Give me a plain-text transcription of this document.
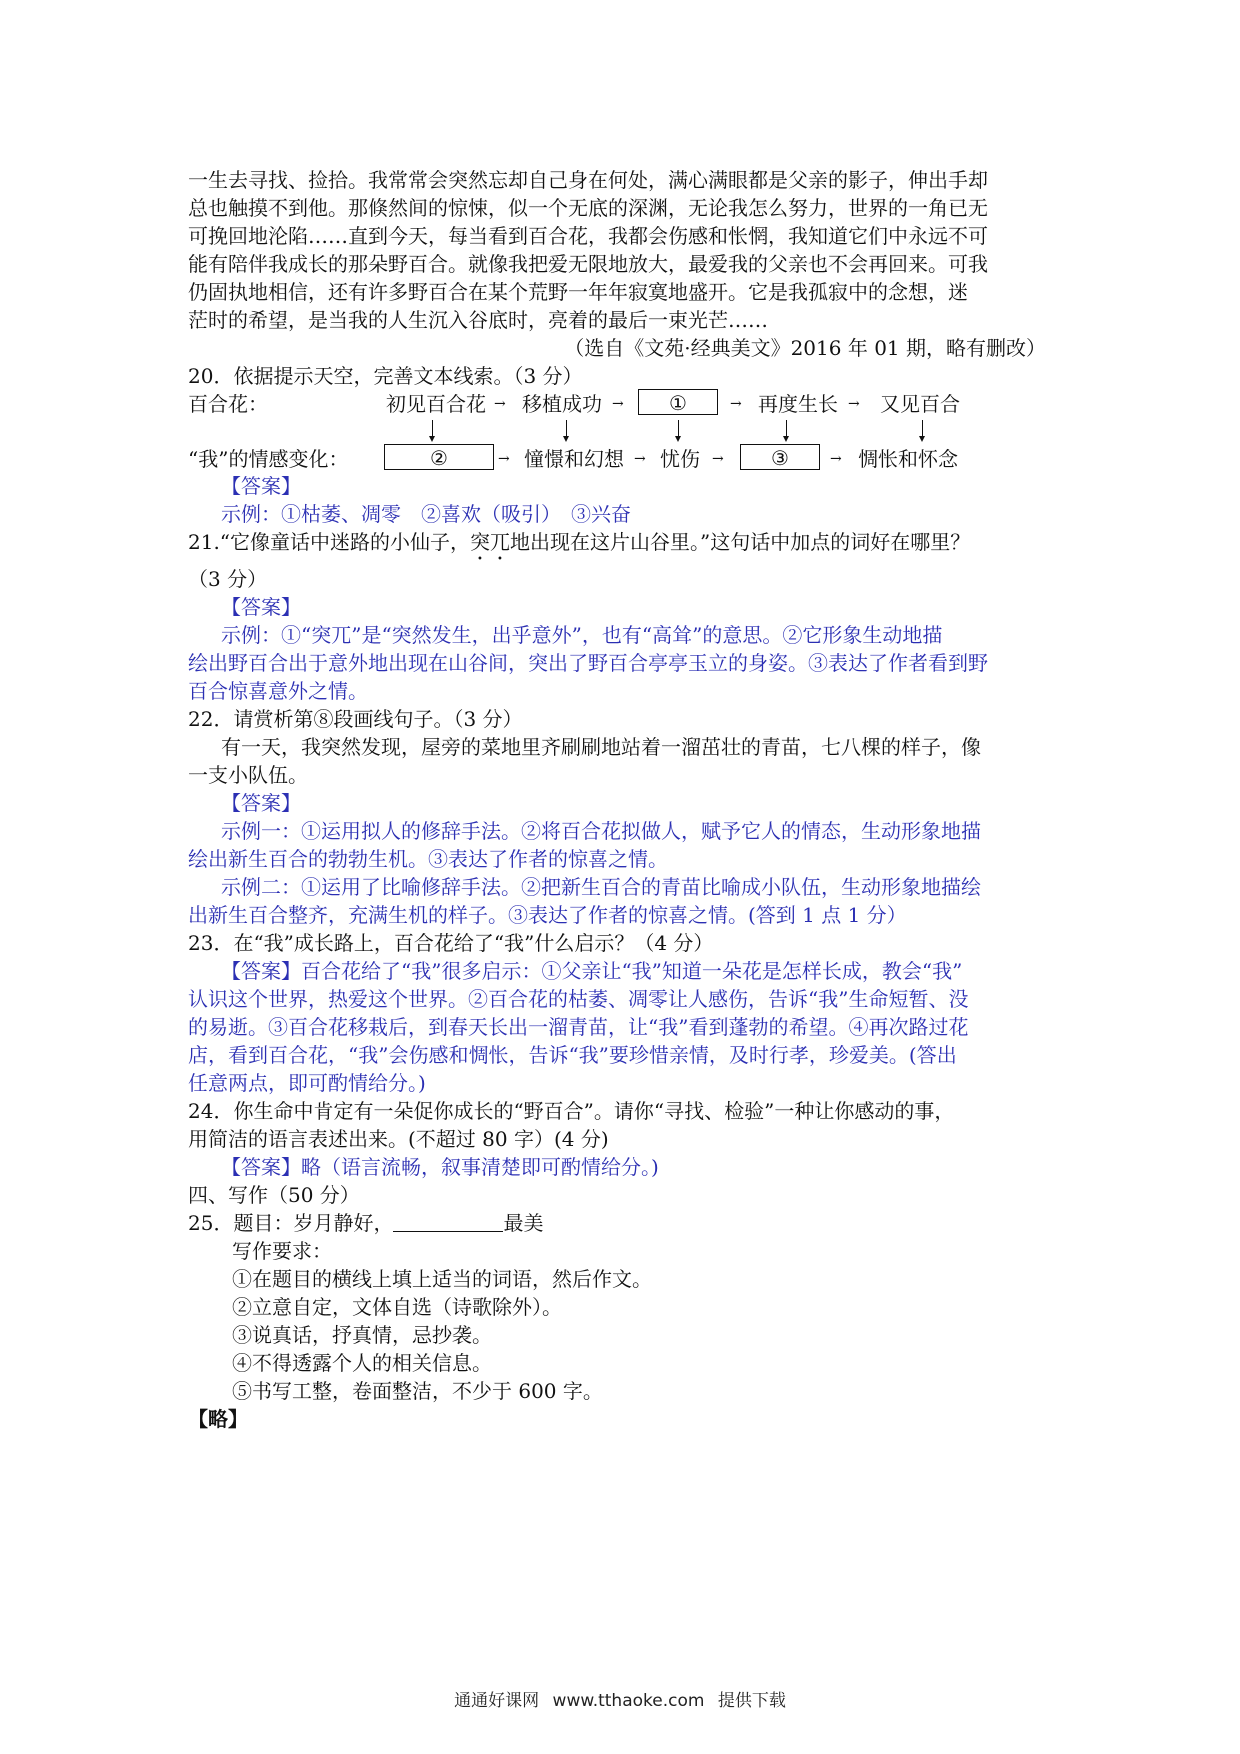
一生去寻找、捡拾。我常常会突然忘却自己身在何处，满心满眼都是父亲的影子，伸出手却

总也触摸不到他。那倏然间的惊悚，似一个无底的深渊，无论我怎么努力，世界的一角已无

可挽回地沦陷……直到今天，每当看到百合花，我都会伤感和怅惘，我知道它们中永远不可

能有陪伴我成长的那朵野百合。就像我把爱无限地放大，最爱我的父亲也不会再回来。可我

仍固执地相信，还有许多野百合在某个荒野一年年寂寞地盛开。它是我孤寂中的念想，迷

茫时的希望，是当我的人生沉入谷底时，亮着的最后一束光芒……

（选自《文苑·经典美文》2016 年 01 期，略有删改）

20．依据提示天空，完善文本线索。（3 分）

百合花：	初见百合花 → 移植成功 →	①	→ 再度生长 → 又见百合
“我”的情感变化：	②	→ 憧憬和幻想 → 忧伤 →	③	→ 惆怅和怀念

【答案】

示例：①枯萎、凋零　②喜欢（吸引）　③兴奋

21.“它像童话中迷路的小仙子，突兀地出现在这片山谷里。”这句话中加点的词好在哪里？

（3 分）

【答案】

示例：①“突兀”是“突然发生，出乎意外”，也有“高耸”的意思。②它形象生动地描

绘出野百合出于意外地出现在山谷间，突出了野百合亭亭玉立的身姿。③表达了作者看到野

百合惊喜意外之情。

22．请赏析第⑧段画线句子。（3 分）

有一天，我突然发现，屋旁的菜地里齐刷刷地站着一溜茁壮的青苗，七八棵的样子，像

一支小队伍。

【答案】

示例一：①运用拟人的修辞手法。②将百合花拟做人，赋予它人的情态，生动形象地描

绘出新生百合的勃勃生机。③表达了作者的惊喜之情。

示例二：①运用了比喻修辞手法。②把新生百合的青苗比喻成小队伍，生动形象地描绘

出新生百合整齐，充满生机的样子。③表达了作者的惊喜之情。(答到 1 点 1 分）

23．在“我”成长路上，百合花给了“我”什么启示？（4 分）

【答案】百合花给了“我”很多启示：①父亲让“我”知道一朵花是怎样长成，教会“我”

认识这个世界，热爱这个世界。②百合花的枯萎、凋零让人感伤，告诉“我”生命短暂、没

的易逝。③百合花移栽后，到春天长出一溜青苗，让“我”看到蓬勃的希望。④再次路过花

店，看到百合花，“我”会伤感和惆怅，告诉“我”要珍惜亲情，及时行孝，珍爱美。(答出

任意两点，即可酌情给分。)

24．你生命中肯定有一朵促你成长的“野百合”。请你“寻找、检验”一种让你感动的事，

用简洁的语言表述出来。(不超过 80 字）(4 分)

【答案】略（语言流畅，叙事清楚即可酌情给分。)

四、写作（50 分）

25．题目：岁月静好，	最美

写作要求：

①在题目的横线上填上适当的词语，然后作文。

②立意自定，文体自选（诗歌除外）。

③说真话，抒真情，忌抄袭。

④不得透露个人的相关信息。

⑤书写工整，卷面整洁，不少于 600 字。

【略】

通通好课网 www.tthaoke.com 提供下载
